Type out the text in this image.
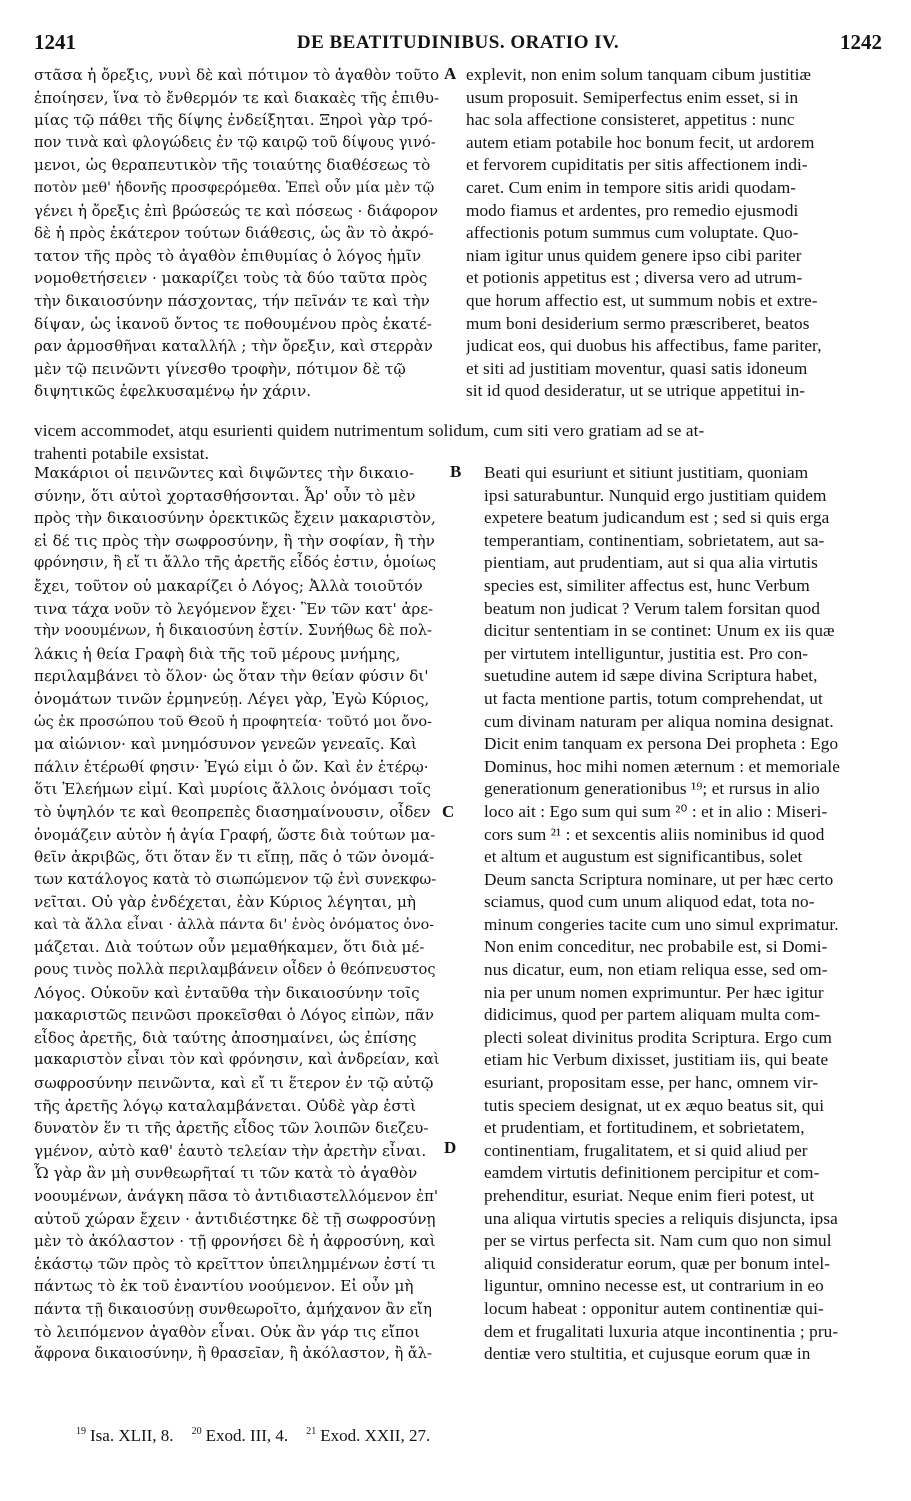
1241	DE BEATITUDINIBUS. ORATIO IV.	1242
A
B
C
D
στᾶσα ἡ ὄρεξις, νυνὶ δὲ καὶ πότιμον τὸ ἀγαθὸν τοῦτο
ἐποίησεν, ἵνα τὸ ἔνθερμόν τε καὶ διακαὲς τῆς ἐπιθυ-
μίας τῷ πάθει τῆς δίψης ἐνδείξηται. Ξηροὶ γὰρ τρό-
πον τινὰ καὶ φλογώδεις ἐν τῷ καιρῷ τοῦ δίψους γινό-
μενοι, ὡς θεραπευτικὸν τῆς τοιαύτης διαθέσεως τὸ
ποτὸν μεθ' ἡδονῆς προσφερόμεθα. Ἐπεὶ οὖν μία μὲν τῷ
γένει ἡ ὄρεξις ἐπὶ βρώσεώς τε καὶ πόσεως · διάφορον
δὲ ἡ πρὸς ἑκάτερον τούτων διάθεσις, ὡς ἂν τὸ ἀκρό-
τατον τῆς πρὸς τὸ ἀγαθὸν ἐπιθυμίας ὁ λόγος ἡμῖν
νομοθετήσειεν · μακαρίζει τοὺς τὰ δύο ταῦτα πρὸς
τὴν δικαιοσύνην πάσχοντας, τήν πεῖνάν τε καὶ τὴν
δίψαν, ὡς ἱκανοῦ ὄντος τε ποθουμένου πρὸς ἑκατέ-
ραν ἁρμοσθῆναι καταλλήλ ; τὴν ὄρεξιν, καὶ στερρὰν
μὲν τῷ πεινῶντι γίνεσθο τροφὴν, πότιμον δὲ τῷ
διψητικῶς ἐφελκυσαμένῳ ἡν χάριν.
explevit, non enim solum tanquam cibum justitiæ
usum proposuit. Semiperfectus enim esset, si in
hac sola affectione consisteret, appetitus : nunc
autem etiam potabile hoc bonum fecit, ut ardorem
et fervorem cupiditatis per sitis affectionem indi-
caret. Cum enim in tempore sitis aridi quodam-
modo fiamus et ardentes, pro remedio ejusmodi
affectionis potum summus cum voluptate. Quo-
niam igitur unus quidem genere ipso cibi pariter
et potionis appetitus est ; diversa vero ad utrum-
que horum affectio est, ut summum nobis et extre-
mum boni desiderium sermo præscriberet, beatos
judicat eos, qui duobus his affectibus, fame pariter,
et siti ad justitiam moventur, quasi satis idoneum
sit id quod desideratur, ut se utrique appetitui in-
vicem accommodet, atqu esurienti quidem nutrimentum solidum, cum siti vero gratiam ad se at-
trahenti potabile exsistat.
Μακάριοι οἱ πεινῶντες καὶ διψῶντες τὴν δικαιο-
σύνην, ὅτι αὐτοὶ χορτασθήσονται. Ἆρ' οὖν τὸ μὲν
πρὸς τὴν δικαιοσύνην ὀρεκτικῶς ἔχειν μακαριστὸν,
εἰ δέ τις πρὸς τὴν σωφροσύνην, ἢ τὴν σοφίαν, ἢ τὴν
φρόνησιν, ἢ εἴ τι ἄλλο τῆς ἀρετῆς εἶδός ἐστιν, ὁμοίως
ἔχει, τοῦτον οὐ μακαρίζει ὁ Λόγος; Ἀλλὰ τοιοῦτόν
τινα τάχα νοῦν τὸ λεγόμενον ἔχει· Ἓν τῶν κατ' ἀρε-
τὴν νοουμένων, ἡ δικαιοσύνη ἐστίν. Συνήθως δὲ πολ-
λάκις ἡ θεία Γραφὴ διὰ τῆς τοῦ μέρους μνήμης,
περιλαμβάνει τὸ ὅλον· ὡς ὅταν τὴν θείαν φύσιν δι'
ὀνομάτων τινῶν ἑρμηνεύῃ. Λέγει γὰρ, Ἐγὼ Κύριος,
ὡς ἐκ προσώπου τοῦ Θεοῦ ἡ προφητεία· τοῦτό μοι ὄνο-
μα αἰώνιον· καὶ μνημόσυνον γενεῶν γενεαῖς. Καὶ
πάλιν ἑτέρωθί φησιν· Ἐγώ εἰμι ὁ ὤν. Καὶ ἐν ἑτέρῳ·
ὅτι Ἐλεήμων εἰμί. Καὶ μυρίοις ἄλλοις ὀνόμασι τοῖς
τὸ ὑψηλόν τε καὶ θεοπρεπὲς διασημαίνουσιν, οἶδεν
ὀνομάζειν αὐτὸν ἡ ἁγία Γραφή, ὥστε διὰ τούτων μα-
θεῖν ἀκριβῶς, ὅτι ὅταν ἕν τι εἴπῃ, πᾶς ὁ τῶν ὀνομά-
των κατάλογος κατὰ τὸ σιωπώμενον τῷ ἑνὶ συνεκφω-
νεῖται. Οὐ γὰρ ἐνδέχεται, ἐὰν Κύριος λέγηται, μὴ
καὶ τὰ ἄλλα εἶναι · ἀλλὰ πάντα δι' ἑνὸς ὀνόματος ὀνο-
μάζεται. Διὰ τούτων οὖν μεμαθήκαμεν, ὅτι διὰ μέ-
ρους τινὸς πολλὰ περιλαμβάνειν οἶδεν ὁ θεόπνευστος
Λόγος. Οὐκοῦν καὶ ἐνταῦθα τὴν δικαιοσύνην τοῖς
μακαριστῶς πεινῶσι προκεῖσθαι ὁ Λόγος εἰπὼν, πᾶν
εἶδος ἀρετῆς, διὰ ταύτης ἀποσημαίνει, ὡς ἐπίσης
μακαριστὸν εἶναι τὸν καὶ φρόνησιν, καὶ ἀνδρείαν, καὶ
σωφροσύνην πεινῶντα, καὶ εἴ τι ἕτερον ἐν τῷ αὐτῷ
τῆς ἀρετῆς λόγῳ καταλαμβάνεται. Οὐδὲ γὰρ ἐστὶ
δυνατὸν ἕν τι τῆς ἀρετῆς εἶδος τῶν λοιπῶν διεζευ-
γμένον, αὐτὸ καθ' ἑαυτὸ τελείαν τὴν ἀρετὴν εἶναι.
Ὧ γὰρ ἂν μὴ συνθεωρῆταί τι τῶν κατὰ τὸ ἀγαθὸν
νοουμένων, ἀνάγκη πᾶσα τὸ ἀντιδιαστελλόμενον ἐπ'
αὐτοῦ χώραν ἔχειν · ἀντιδιέστηκε δὲ τῇ σωφροσύνῃ
μὲν τὸ ἀκόλαστον · τῇ φρονήσει δὲ ἡ ἀφροσύνη, καὶ
ἑκάστῳ τῶν πρὸς τὸ κρεῖττον ὑπειλημμένων ἐστί τι
πάντως τὸ ἐκ τοῦ ἐναντίου νοούμενον. Εἰ οὖν μὴ
πάντα τῇ δικαιοσύνῃ συνθεωροῖτο, ἀμήχανον ἂν εἴη
τὸ λειπόμενον ἀγαθὸν εἶναι. Οὐκ ἂν γάρ τις εἴποι
ἄφρονα δικαιοσύνην, ἢ θρασεῖαν, ἢ ἀκόλαστον, ἢ ἄλ-
Beati qui esuriunt et sitiunt justitiam, quoniam
ipsi saturabuntur. Nunquid ergo justitiam quidem
expetere beatum judicandum est ; sed si quis erga
temperantiam, continentiam, sobrietatem, aut sa-
pientiam, aut prudentiam, aut si qua alia virtutis
species est, similiter affectus est, hunc Verbum
beatum non judicat ? Verum talem forsitan quod
dicitur sententiam in se continet: Unum ex iis quæ
per virtutem intelliguntur, justitia est. Pro con-
suetudine autem id sæpe divina Scriptura habet,
ut facta mentione partis, totum comprehendat, ut
cum divinam naturam per aliqua nomina designat.
Dicit enim tanquam ex persona Dei propheta : Ego
Dominus, hoc mihi nomen æternum : et memoriale
generationum generationibus ¹⁹; et rursus in alio
loco ait : Ego sum qui sum ²⁰ : et in alio : Miseri-
cors sum ²¹ : et sexcentis aliis nominibus id quod
et altum et augustum est significantibus, solet
Deum sancta Scriptura nominare, ut per hæc certo
sciamus, quod cum unum aliquod edat, tota no-
minum congeries tacite cum uno simul exprimatur.
Non enim conceditur, nec probabile est, si Domi-
nus dicatur, eum, non etiam reliqua esse, sed om-
nia per unum nomen exprimuntur. Per hæc igitur
didicimus, quod per partem aliquam multa com-
plecti soleat divinitus prodita Scriptura. Ergo cum
etiam hic Verbum dixisset, justitiam iis, qui beate
esuriant, propositam esse, per hanc, omnem vir-
tutis speciem designat, ut ex æquo beatus sit, qui
et prudentiam, et fortitudinem, et sobrietatem,
continentiam, frugalitatem, et si quid aliud per
eamdem virtutis definitionem percipitur et com-
prehenditur, esuriat. Neque enim fieri potest, ut
una aliqua virtutis species a reliquis disjuncta, ipsa
per se virtus perfecta sit. Nam cum quo non simul
aliquid consideratur eorum, quæ per bonum intel-
liguntur, omnino necesse est, ut contrarium in eo
locum habeat : opponitur autem continentiæ qui-
dem et frugalitati luxuria atque incontinentia ; pru-
dentiæ vero stultitia, et cujusque eorum quæ in
$^{19}$ Isa. XLII, 8. $^{20}$ Exod. III, 4. $^{21}$ Exod. XXII, 27.
